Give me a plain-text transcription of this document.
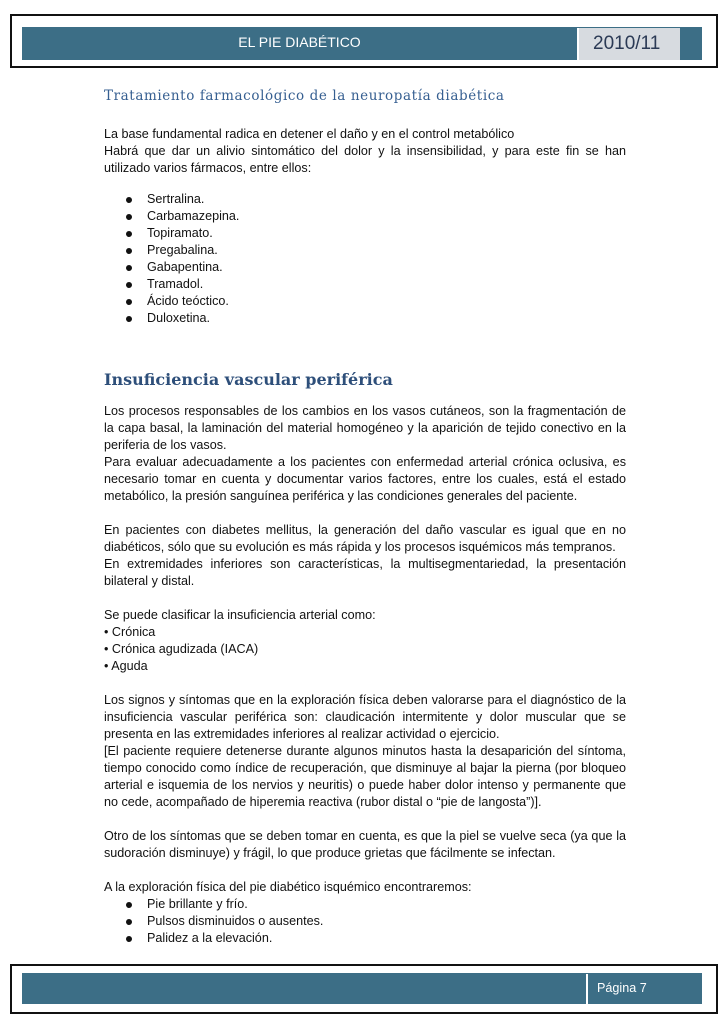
EL PIE DIABÉTICO	2010/11
Tratamiento farmacológico de la neuropatía diabética

La base fundamental radica en detener el daño y en el control metabólico

Habrá que dar un alivio sintomático del dolor y la insensibilidad, y para este fin se han utilizado varios fármacos, entre ellos:

Sertralina.
Carbamazepina.
Topiramato.
Pregabalina.
Gabapentina.
Tramadol.
Ácido teóctico.
Duloxetina.
Insuficiencia vascular periférica

Los procesos responsables de los cambios en los vasos cutáneos, son la fragmentación de la capa basal, la laminación del material homogéneo y la aparición de tejido conectivo en la periferia de los vasos.

Para evaluar adecuadamente a los pacientes con enfermedad arterial crónica oclusiva, es necesario tomar en cuenta y documentar varios factores, entre los cuales, está el estado metabólico, la presión sanguínea periférica y las condiciones generales del paciente.

En pacientes con diabetes mellitus, la generación del daño vascular es igual que en no diabéticos, sólo que su evolución es más rápida y los procesos isquémicos más tempranos.

En extremidades inferiores son características, la multisegmentariedad, la presentación bilateral y distal.

Se puede clasificar la insuficiencia arterial como:

• Crónica

• Crónica agudizada (IACA)

• Aguda

Los signos y síntomas que en la exploración física deben valorarse para el diagnóstico de la insuficiencia vascular periférica son: claudicación intermitente y dolor muscular que se presenta en las extremidades inferiores al realizar actividad o ejercicio.

[El paciente requiere detenerse durante algunos minutos hasta la desaparición del síntoma, tiempo conocido como índice de recuperación, que disminuye al bajar la pierna (por bloqueo arterial e isquemia de los nervios y neuritis) o puede haber dolor intenso y permanente que no cede, acompañado de hiperemia reactiva (rubor distal o “pie de langosta”)].

Otro de los síntomas que se deben tomar en cuenta, es que la piel se vuelve seca (ya que la sudoración disminuye) y frágil, lo que produce grietas que fácilmente se infectan.

A la exploración física del pie diabético isquémico encontraremos:

Pie brillante y frío.
Pulsos disminuidos o ausentes.
Palidez a la elevación.
Página 7
